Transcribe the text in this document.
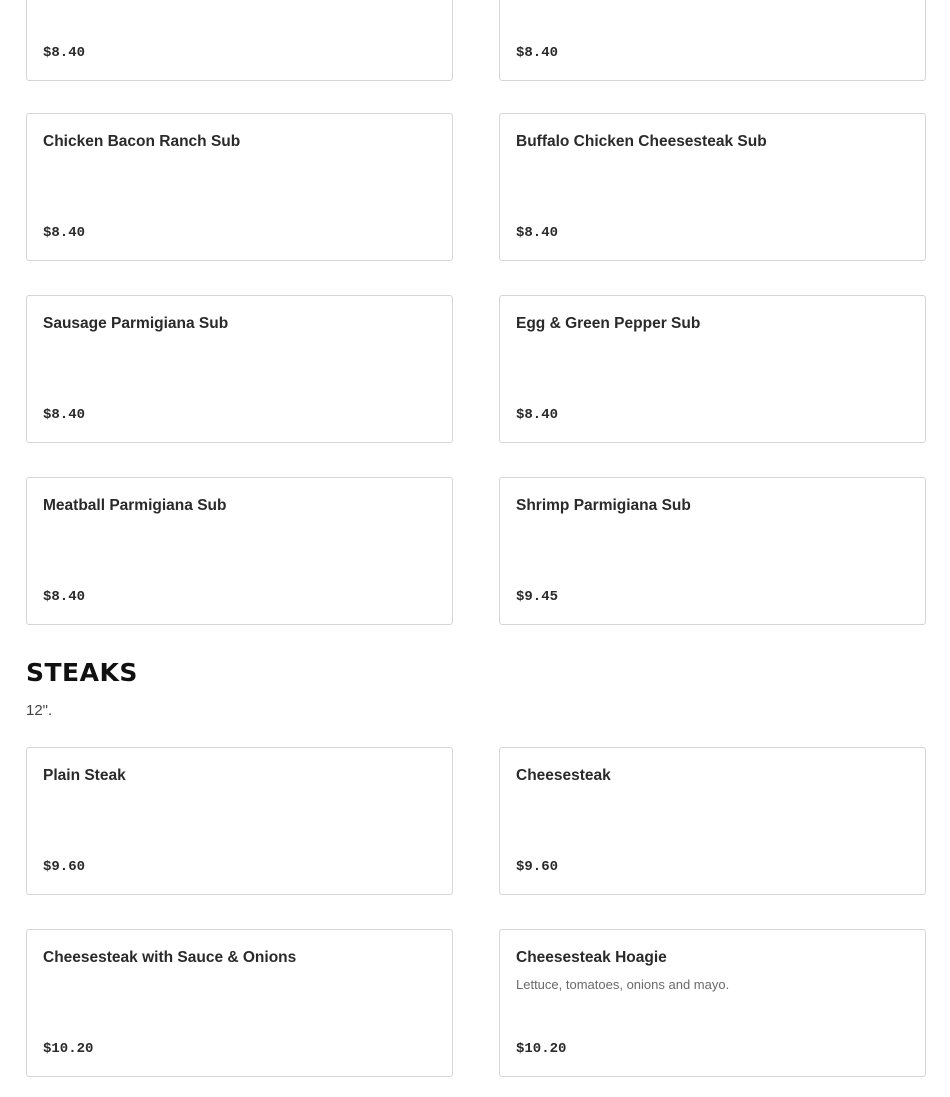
$8.40	$8.40
Chicken Bacon Ranch Sub
$8.40
Buffalo Chicken Cheesesteak Sub
$8.40
Sausage Parmigiana Sub
$8.40
Egg & Green Pepper Sub
$8.40
Meatball Parmigiana Sub
$8.40
Shrimp Parmigiana Sub
$9.45
STEAKS

12".

Plain Steak
$9.60
Cheesesteak
$9.60
Cheesesteak with Sauce & Onions
$10.20
Cheesesteak Hoagie
Lettuce, tomatoes, onions and mayo.
$10.20
